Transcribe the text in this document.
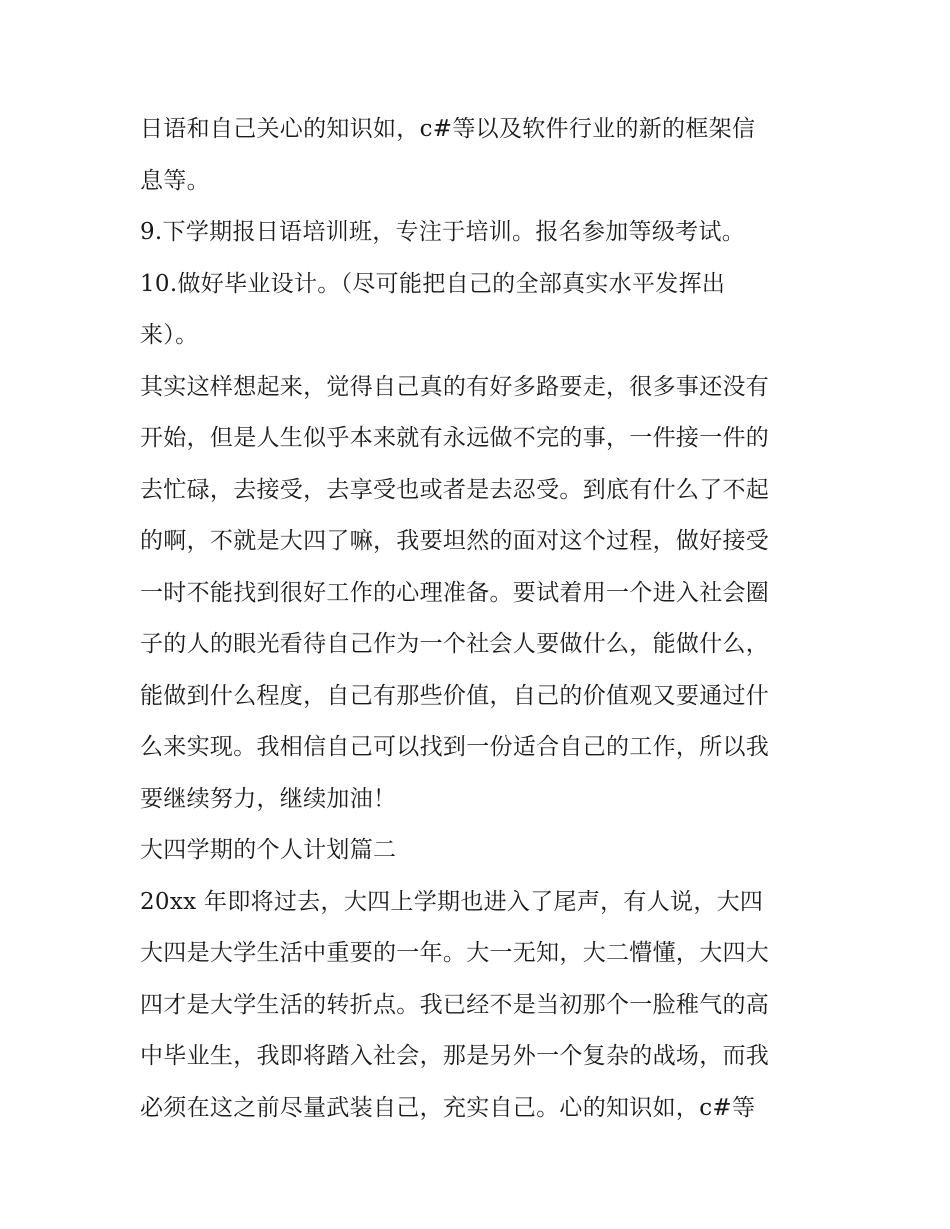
日语和自己关心的知识如，c#等以及软件行业的新的框架信
息等。
9.下学期报日语培训班，专注于培训。报名参加等级考试。
10.做好毕业设计。（尽可能把自己的全部真实水平发挥出
来）。
其实这样想起来，觉得自己真的有好多路要走，很多事还没有
开始，但是人生似乎本来就有永远做不完的事，一件接一件的
去忙碌，去接受，去享受也或者是去忍受。到底有什么了不起
的啊，不就是大四了嘛，我要坦然的面对这个过程，做好接受
一时不能找到很好工作的心理准备。要试着用一个进入社会圈
子的人的眼光看待自己作为一个社会人要做什么，能做什么，
能做到什么程度，自己有那些价值，自己的价值观又要通过什
么来实现。我相信自己可以找到一份适合自己的工作，所以我
要继续努力，继续加油！
大四学期的个人计划篇二
20xx 年即将过去，大四上学期也进入了尾声，有人说，大四
大四是大学生活中重要的一年。大一无知，大二懵懂，大四大
四才是大学生活的转折点。我已经不是当初那个一脸稚气的高
中毕业生，我即将踏入社会，那是另外一个复杂的战场，而我
必须在这之前尽量武装自己，充实自己。心的知识如，c#等
